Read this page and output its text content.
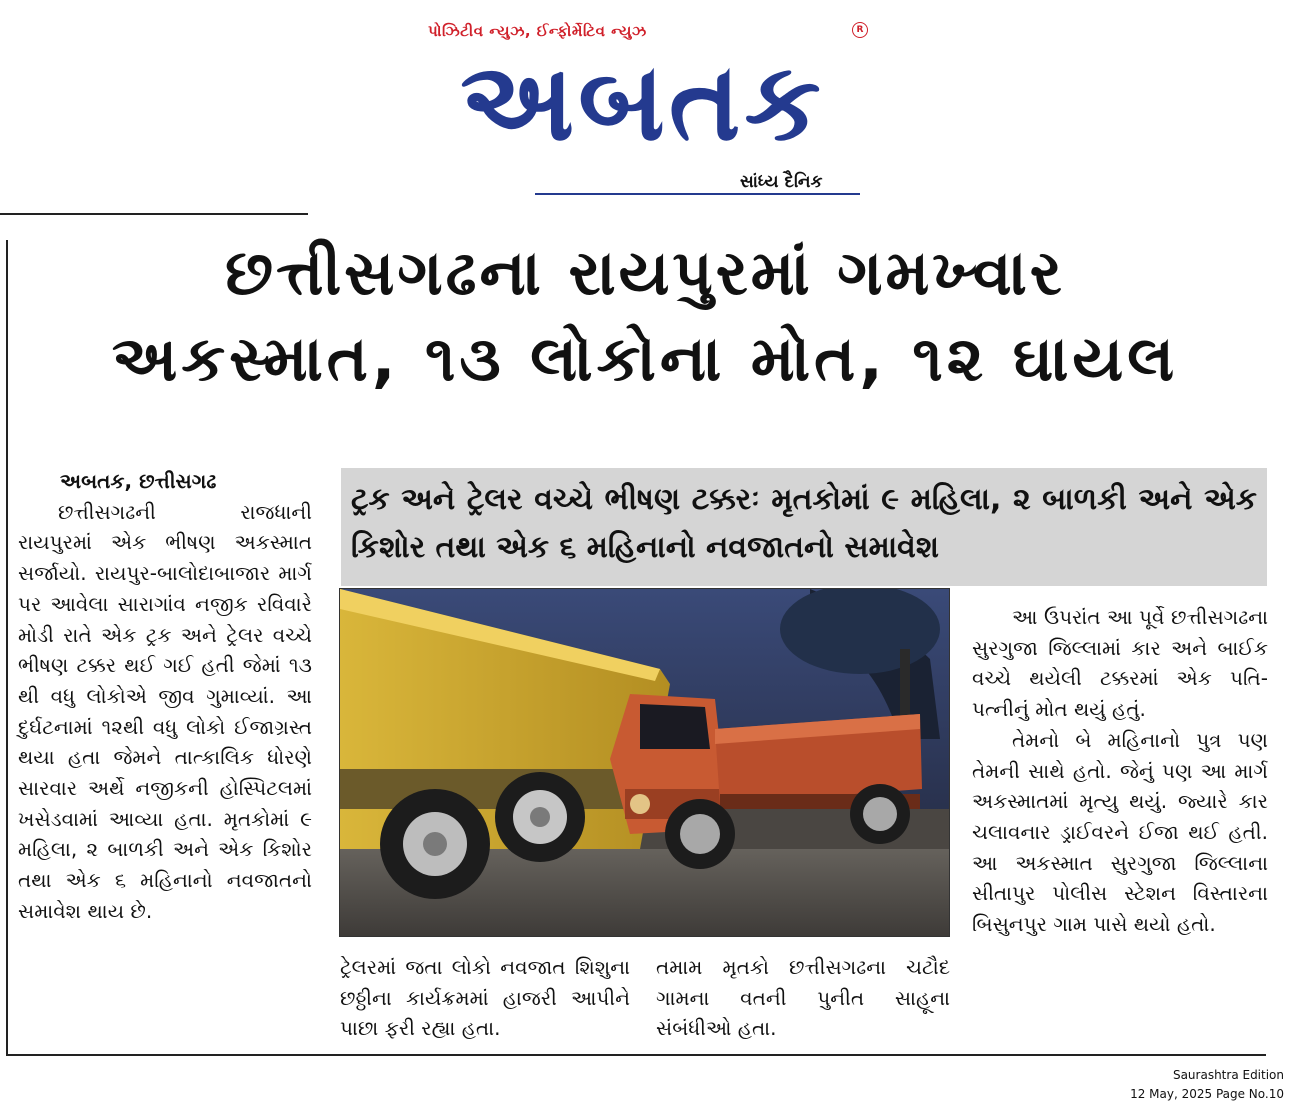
પોઝિટીવ ન્યુઝ, ઈન્ફોર્મેટિવ ન્યુઝ	R
અબતક
સાંધ્ય દૈનિક
છત્તીસગઢના રાયપુરમાં ગમખ્વાર
અકસ્માત, ૧૩ લોકોના મોત, ૧૨ ઘાયલ
ટ્રક અને ટ્રેલર વચ્ચે ભીષણ ટક્કરઃ મૃતકોમાં ૯ મહિલા, ૨ બાળકી અને એક કિશોર તથા એક ૬ મહિનાનો નવજાતનો સમાવેશ
અબતક, છત્તીસગઢ
છત્તીસગઢની રાજધાની રાયપુરમાં એક ભીષણ અકસ્માત સર્જાયો. રાયપુર-બાલોદાબાજાર માર્ગ પર આવેલા સારાગાંવ નજીક રવિવારે મોડી રાતે એક ટ્રક અને ટ્રેલર વચ્ચે ભીષણ ટક્કર થઈ ગઈ હતી જેમાં ૧૩ થી વધુ લોકોએ જીવ ગુમાવ્યાં. આ દુર્ઘટનામાં ૧૨થી વધુ લોકો ઈજાગ્રસ્ત થયા હતા જેમને તાત્કાલિક ધોરણે સારવાર અર્થે નજીકની હોસ્પિટલમાં ખસેડવામાં આવ્યા હતા. મૃતકોમાં ૯ મહિલા, ૨ બાળકી અને એક કિશોર તથા એક ૬ મહિનાનો નવજાતનો સમાવેશ થાય છે.
ટ્રેલરમાં જતા લોકો નવજાત શિશુના છઠ્ઠીના કાર્યક્રમમાં હાજરી આપીને પાછા ફરી રહ્યા હતા.
તમામ મૃતકો છત્તીસગઢના ચટૌદ ગામના વતની પુનીત સાહૂના સંબંધીઓ હતા.
આ ઉપરાંત આ પૂર્વે છત્તીસગઢના સુરગુજા જિલ્લામાં કાર અને બાઈક વચ્ચે થયેલી ટક્કરમાં એક પતિ-પત્નીનું મોત થયું હતું.
તેમનો બે મહિનાનો પુત્ર પણ તેમની સાથે હતો. જેનું પણ આ માર્ગ અકસ્માતમાં મૃત્યુ થયું. જ્યારે કાર ચલાવનાર ડ્રાઈવરને ઈજા થઈ હતી. આ અકસ્માત સુરગુજા જિલ્લાના સીતાપુર પોલીસ સ્ટેશન વિસ્તારના બિસુનપુર ગામ પાસે થયો હતો.
Saurashtra Edition
12 May, 2025 Page No.10
